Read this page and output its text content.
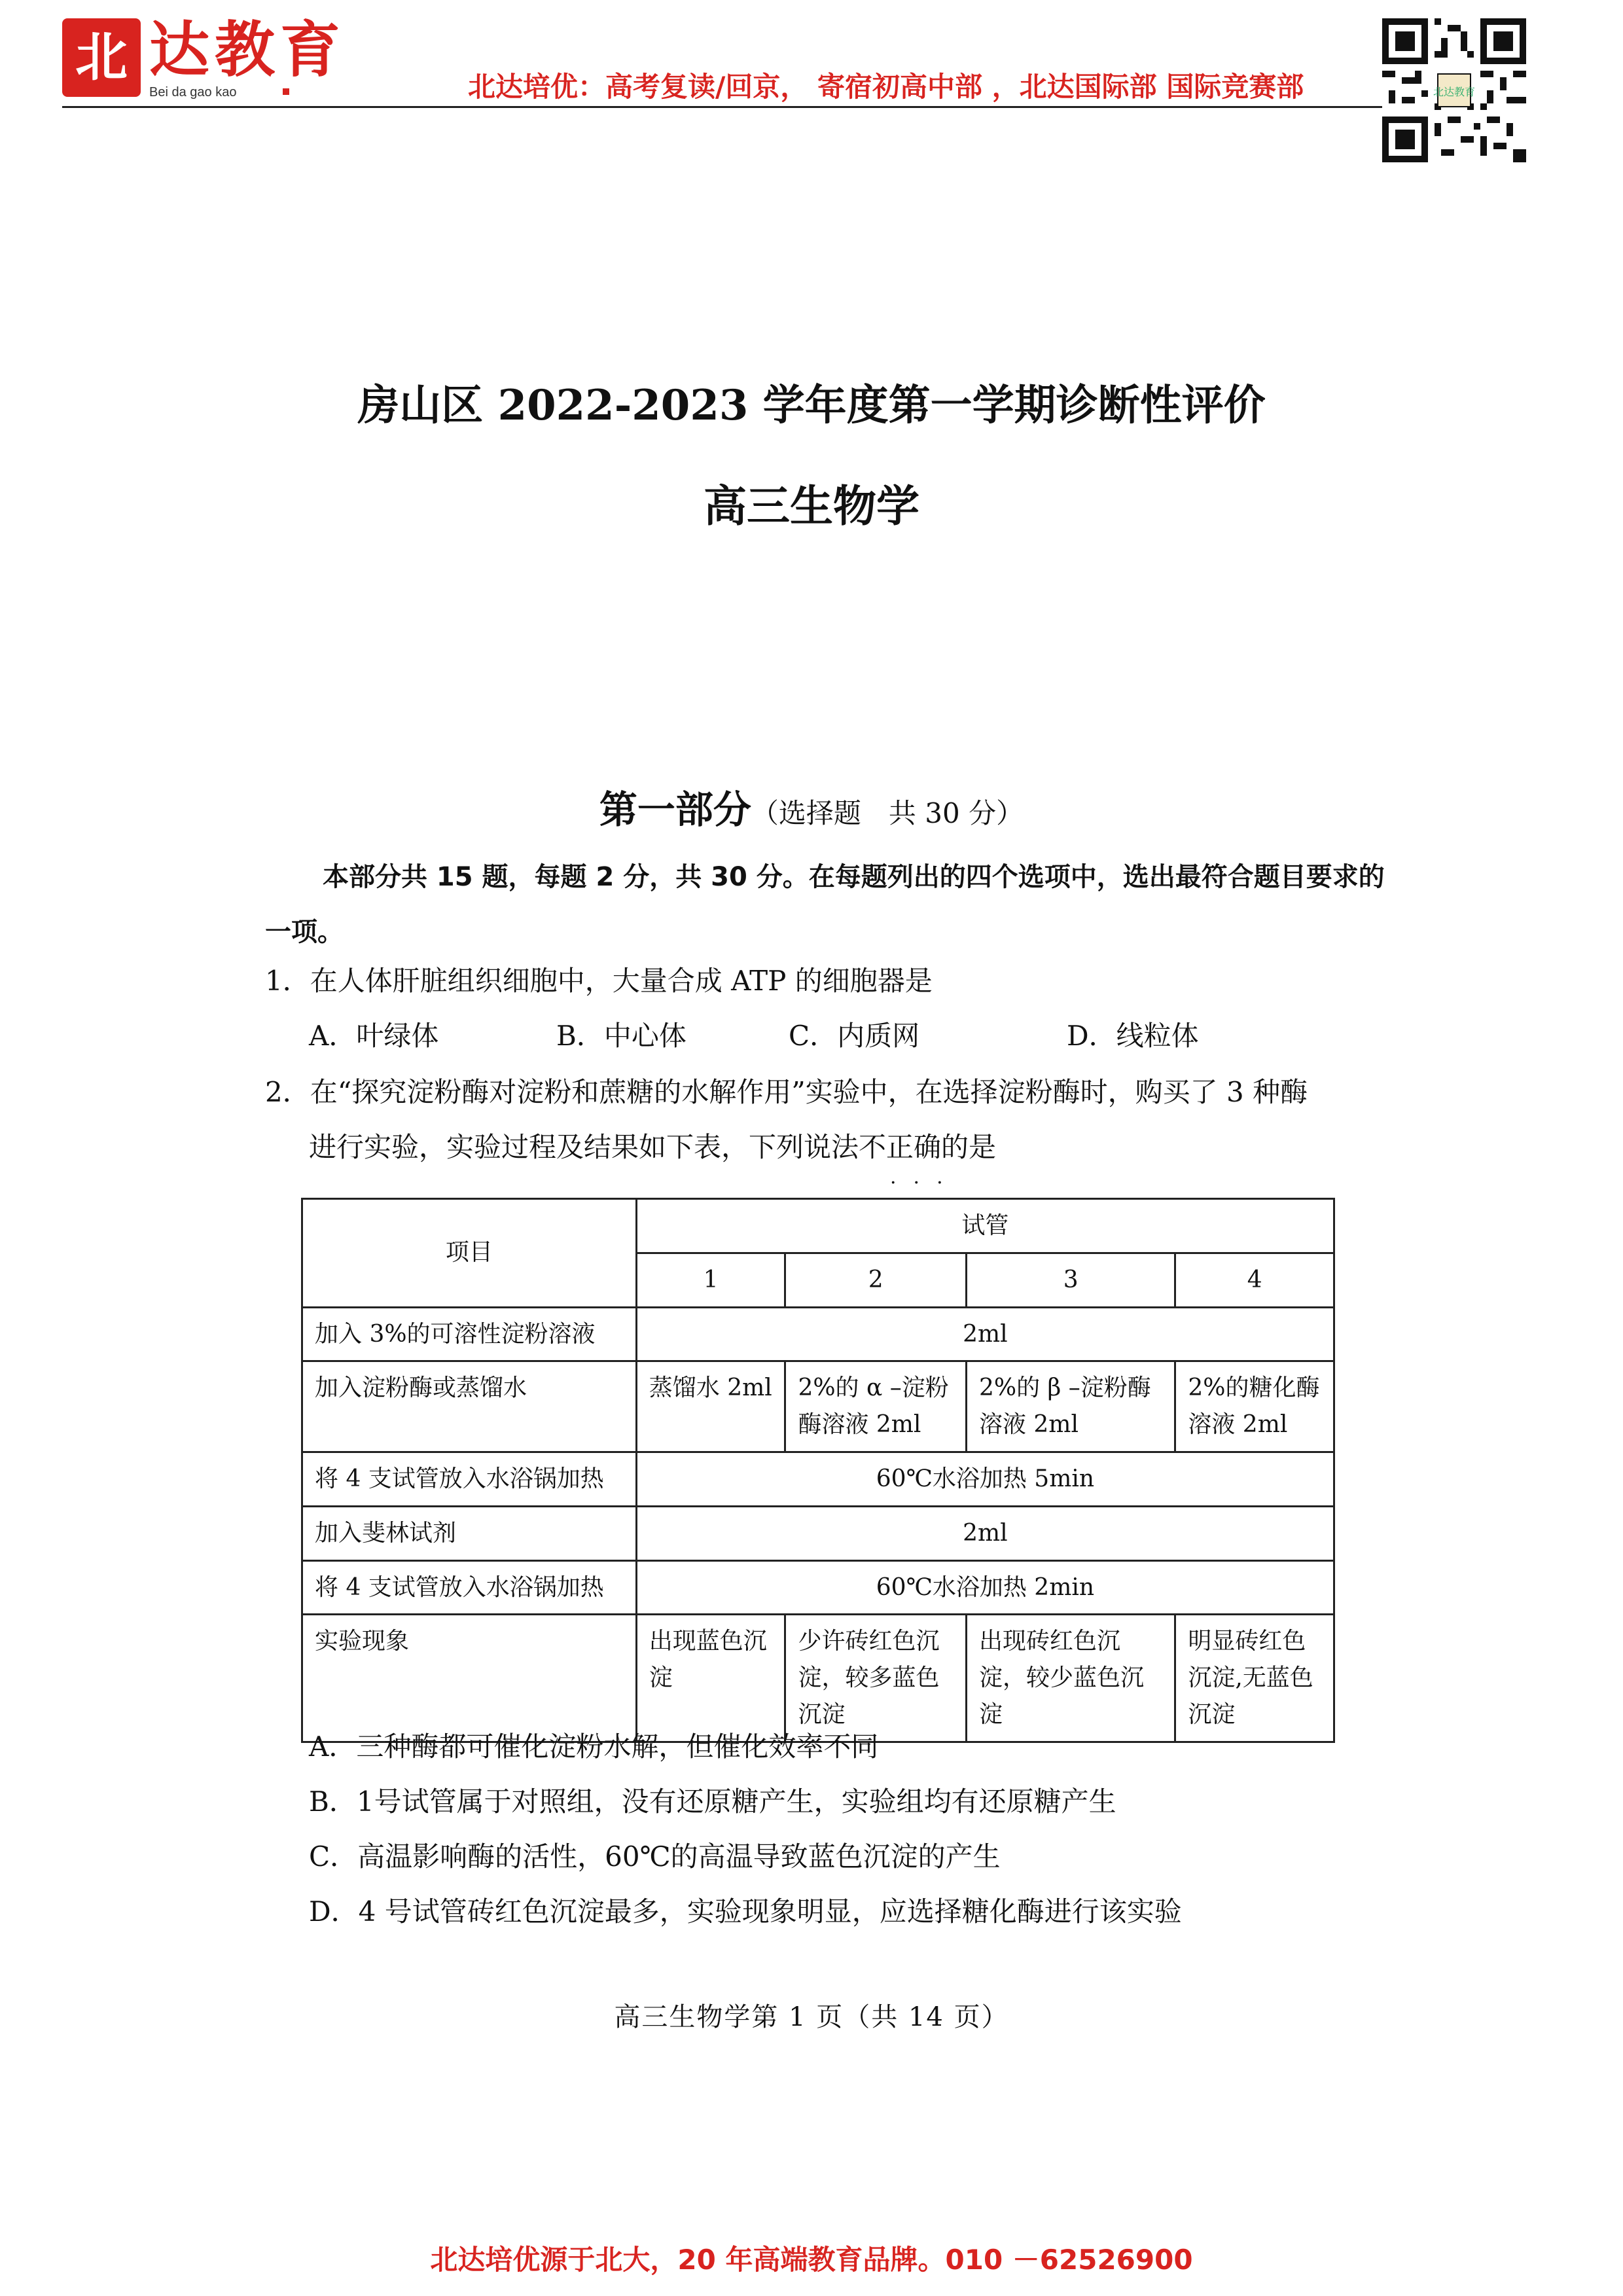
北 达教育
Bei da gao kao	北达培优：高考复读/回京， 寄宿初高中部 ，北达国际部 国际竞赛部	北达教育
房山区 2022-2023 学年度第一学期诊断性评价
高三生物学
第一部分（选择题　共 30 分）
本部分共 15 题，每题 2 分，共 30 分。在每题列出的四个选项中，选出最符合题目要求的一项。
1．在人体肝脏组织细胞中，大量合成 ATP 的细胞器是
A．叶绿体	B．中心体	C．内质网	D．线粒体
2．在“探究淀粉酶对淀粉和蔗糖的水解作用”实验中，在选择淀粉酶时，购买了 3 种酶
进行实验，实验过程及结果如下表，下列说法不正确的是
···
项目	试管			
	1	2	3	4
加入 3%的可溶性淀粉溶液	2ml			
加入淀粉酶或蒸馏水	蒸馏水 2ml	2%的 α –淀粉酶溶液 2ml	2%的 β –淀粉酶溶液 2ml	2%的糖化酶溶液 2ml
将 4 支试管放入水浴锅加热	60℃水浴加热 5min			
加入斐林试剂	2ml			
将 4 支试管放入水浴锅加热	60℃水浴加热 2min			
实验现象	出现蓝色沉淀	少许砖红色沉淀，较多蓝色沉淀	出现砖红色沉淀，较少蓝色沉淀	明显砖红色沉淀,无蓝色沉淀
A．三种酶都可催化淀粉水解，但催化效率不同
B．1号试管属于对照组，没有还原糖产生，实验组均有还原糖产生
C．高温影响酶的活性，60℃的高温导致蓝色沉淀的产生
D．4 号试管砖红色沉淀最多，实验现象明显，应选择糖化酶进行该实验
高三生物学第 1 页（共 14 页）
北达培优源于北大，20 年高端教育品牌。010 －62526900
